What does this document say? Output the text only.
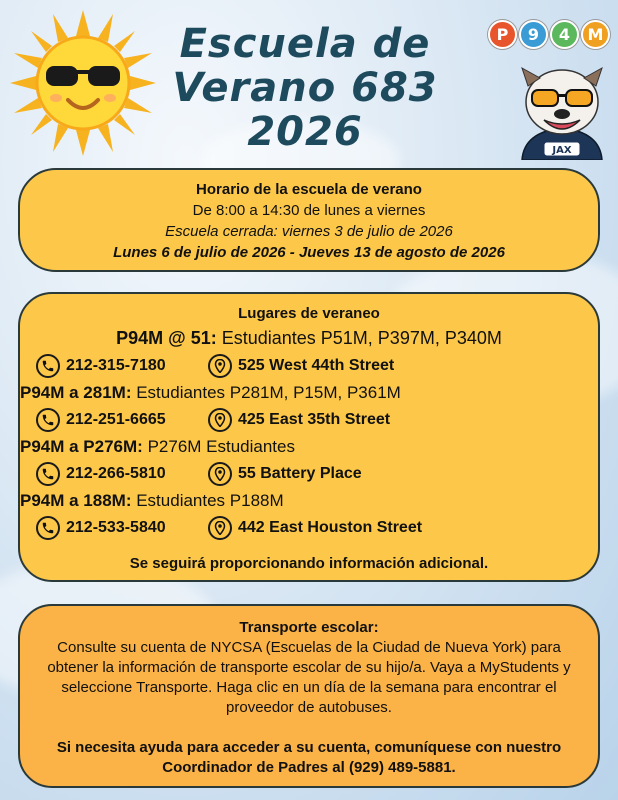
Escuela de
Verano 683
2026
P	9	4	M
JAX
Horario de la escuela de verano
De 8:00 a 14:30 de lunes a viernes
Escuela cerrada: viernes 3 de julio de 2026
Lunes 6 de julio de 2026 - Jueves 13 de agosto de 2026
Lugares de veraneo
P94M @ 51: Estudiantes P51M, P397M, P340M
212-315-7180	525 West 44th Street
P94M a 281M: Estudiantes P281M, P15M, P361M
212-251-6665	425 East 35th Street
P94M a P276M: P276M Estudiantes
212-266-5810	55 Battery Place
P94M a 188M: Estudiantes P188M
212-533-5840	442 East Houston Street
Se seguirá proporcionando información adicional.
Transporte escolar:
Consulte su cuenta de NYCSA (Escuelas de la Ciudad de Nueva York) para obtener la información de transporte escolar de su hijo/a. Vaya a MyStudents y seleccione Transporte. Haga clic en un día de la semana para encontrar el proveedor de autobuses.
Si necesita ayuda para acceder a su cuenta, comuníquese con nuestro Coordinador de Padres al (929) 489-5881.
